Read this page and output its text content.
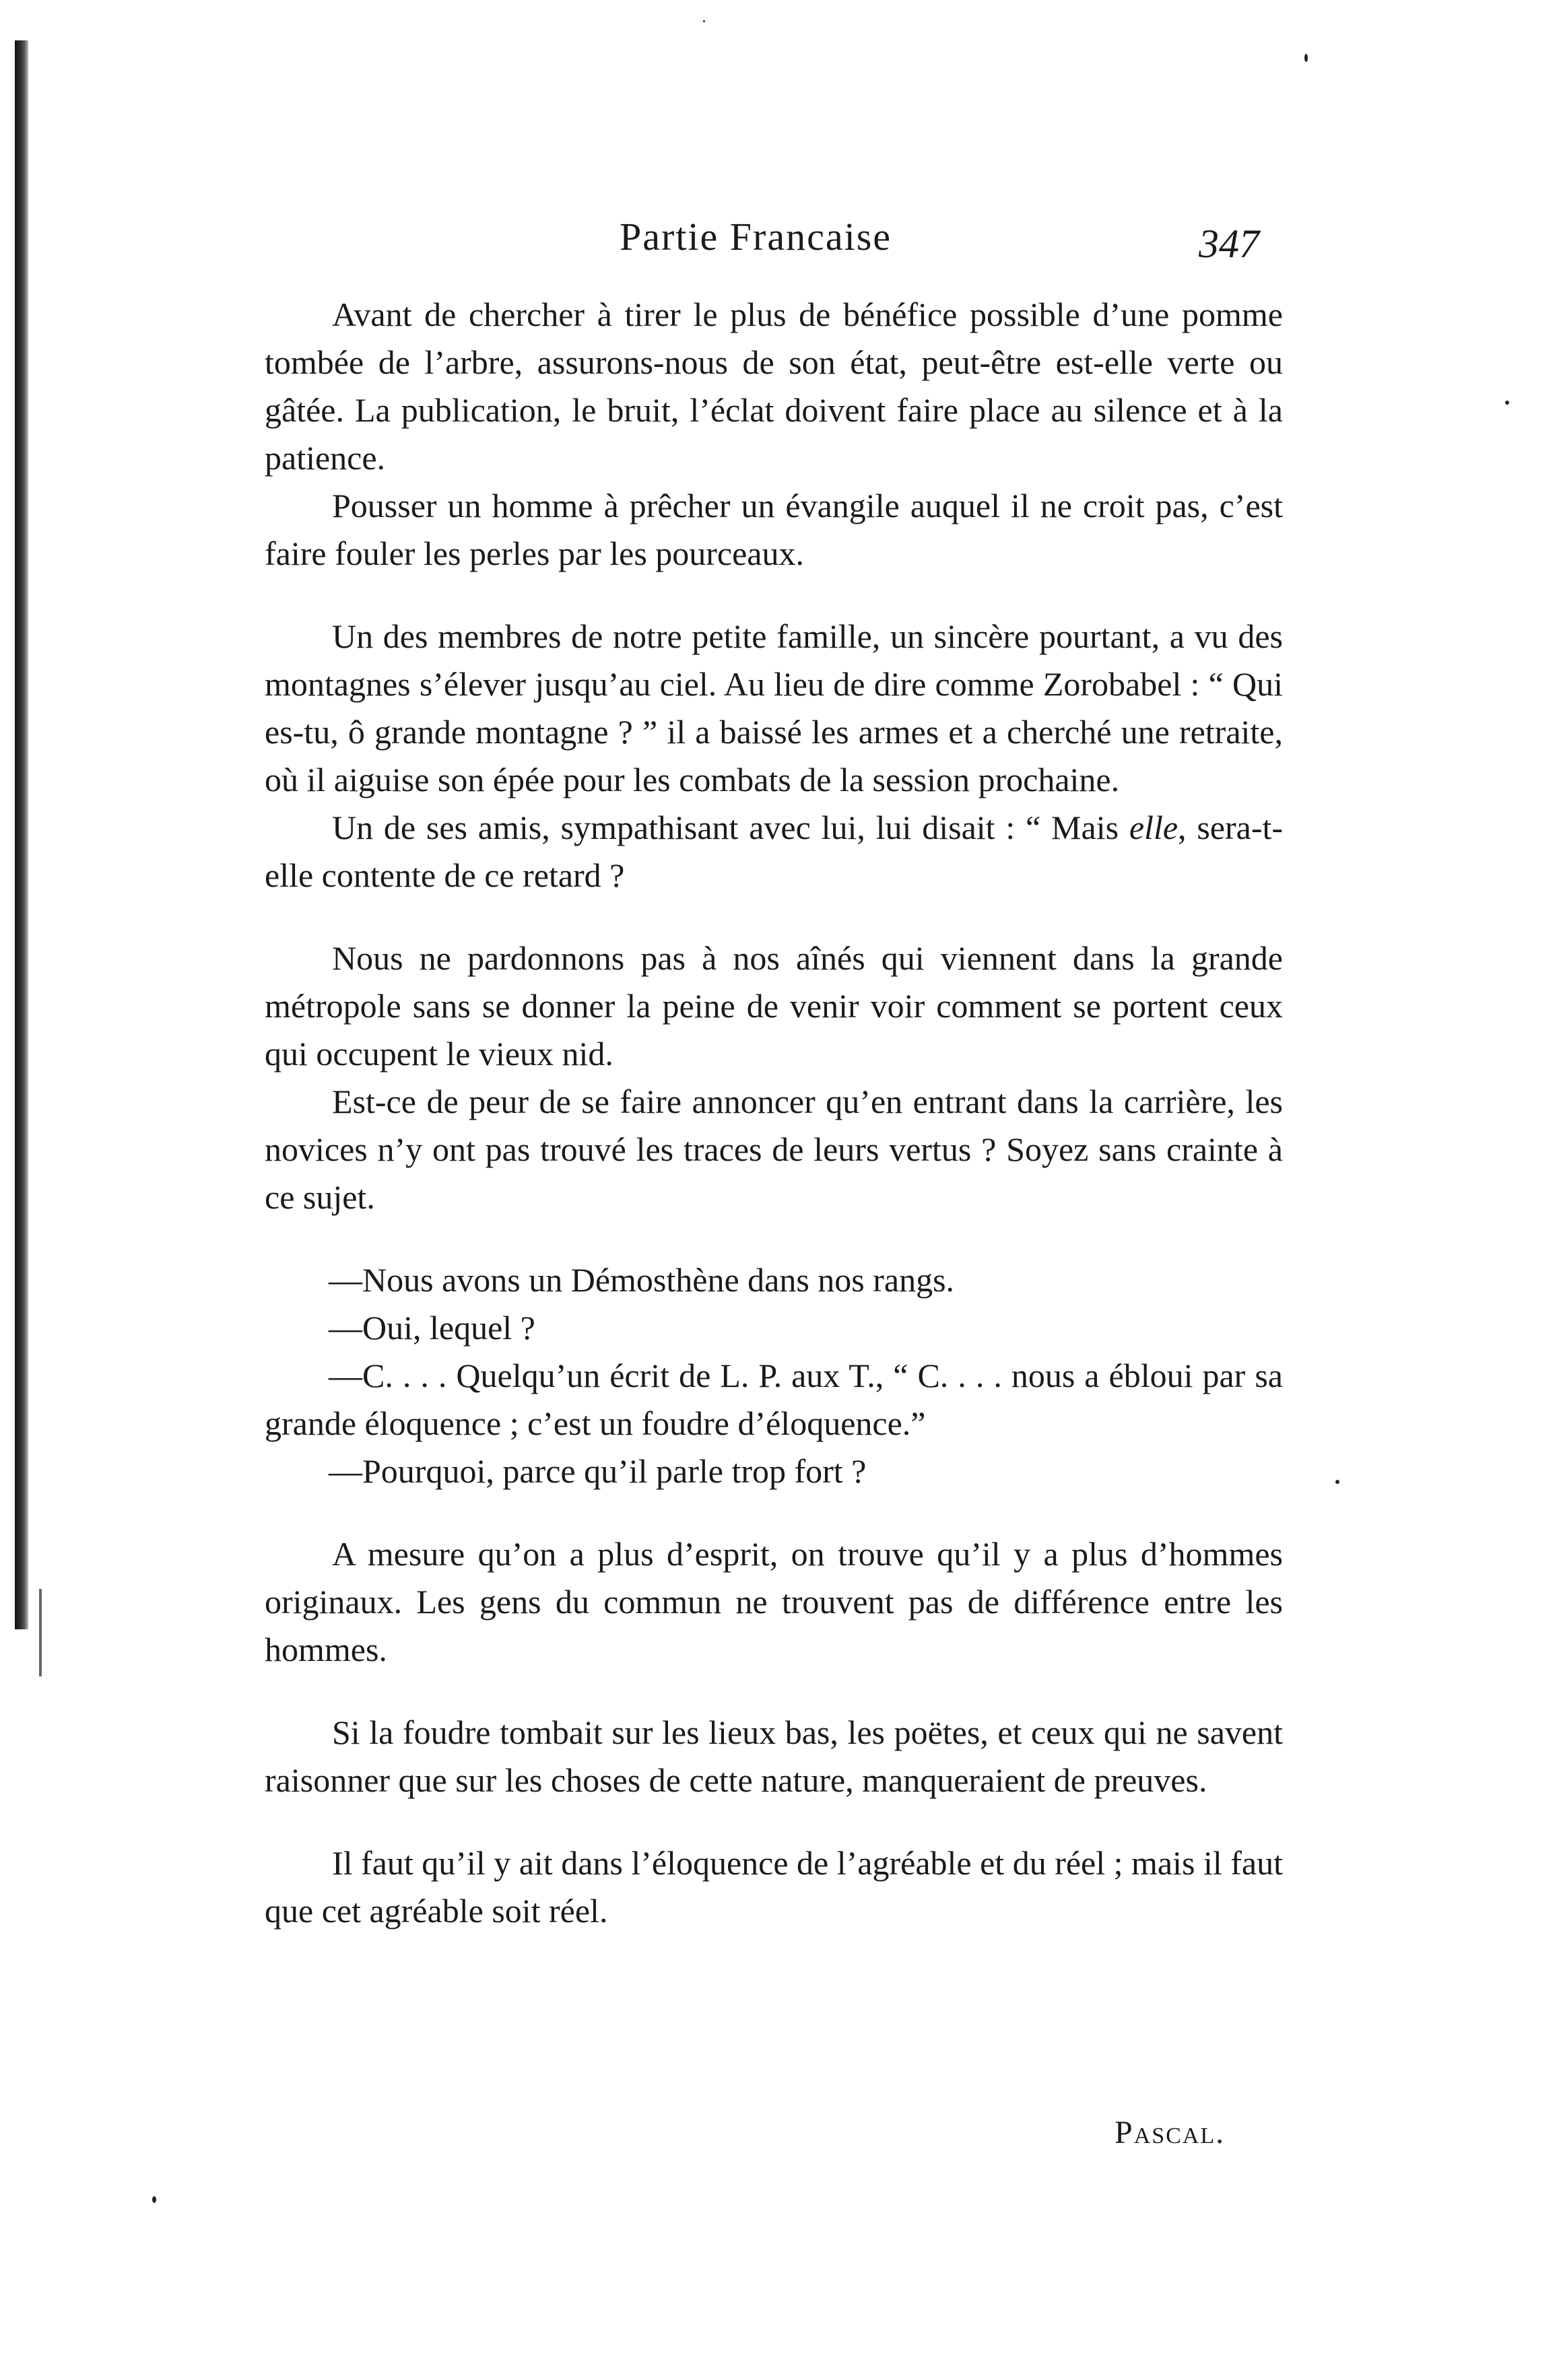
Partie Francaise	347

Avant de chercher à tirer le plus de bénéfice possible d’une pomme tombée de l’arbre, assurons-nous de son état, peut-être est-elle verte ou gâtée. La publication, le bruit, l’éclat doivent faire place au silence et à la patience.

Pousser un homme à prêcher un évangile auquel il ne croit pas, c’est faire fouler les perles par les pourceaux.

Un des membres de notre petite famille, un sincère pourtant, a vu des montagnes s’élever jusqu’au ciel. Au lieu de dire comme Zorobabel : “ Qui es-tu, ô grande montagne ? ” il a baissé les armes et a cherché une retraite, où il aiguise son épée pour les combats de la session prochaine.

Un de ses amis, sympathisant avec lui, lui disait : “ Mais elle, sera-t-elle contente de ce retard ?

Nous ne pardonnons pas à nos aînés qui viennent dans la grande métropole sans se donner la peine de venir voir comment se portent ceux qui occupent le vieux nid.

Est-ce de peur de se faire annoncer qu’en entrant dans la carrière, les novices n’y ont pas trouvé les traces de leurs vertus ? Soyez sans crainte à ce sujet.

—Nous avons un Démosthène dans nos rangs.

—Oui, lequel ?

—C. . . . Quelqu’un écrit de L. P. aux T., “ C. . . . nous a ébloui par sa grande éloquence ; c’est un foudre d’éloquence.”

—Pourquoi, parce qu’il parle trop fort ?

A mesure qu’on a plus d’esprit, on trouve qu’il y a plus d’hommes originaux. Les gens du commun ne trouvent pas de différence entre les hommes.

Si la foudre tombait sur les lieux bas, les poëtes, et ceux qui ne savent raisonner que sur les choses de cette nature, manqueraient de preuves.

Il faut qu’il y ait dans l’éloquence de l’agréable et du réel ; mais il faut que cet agréable soit réel.

Pascal.
